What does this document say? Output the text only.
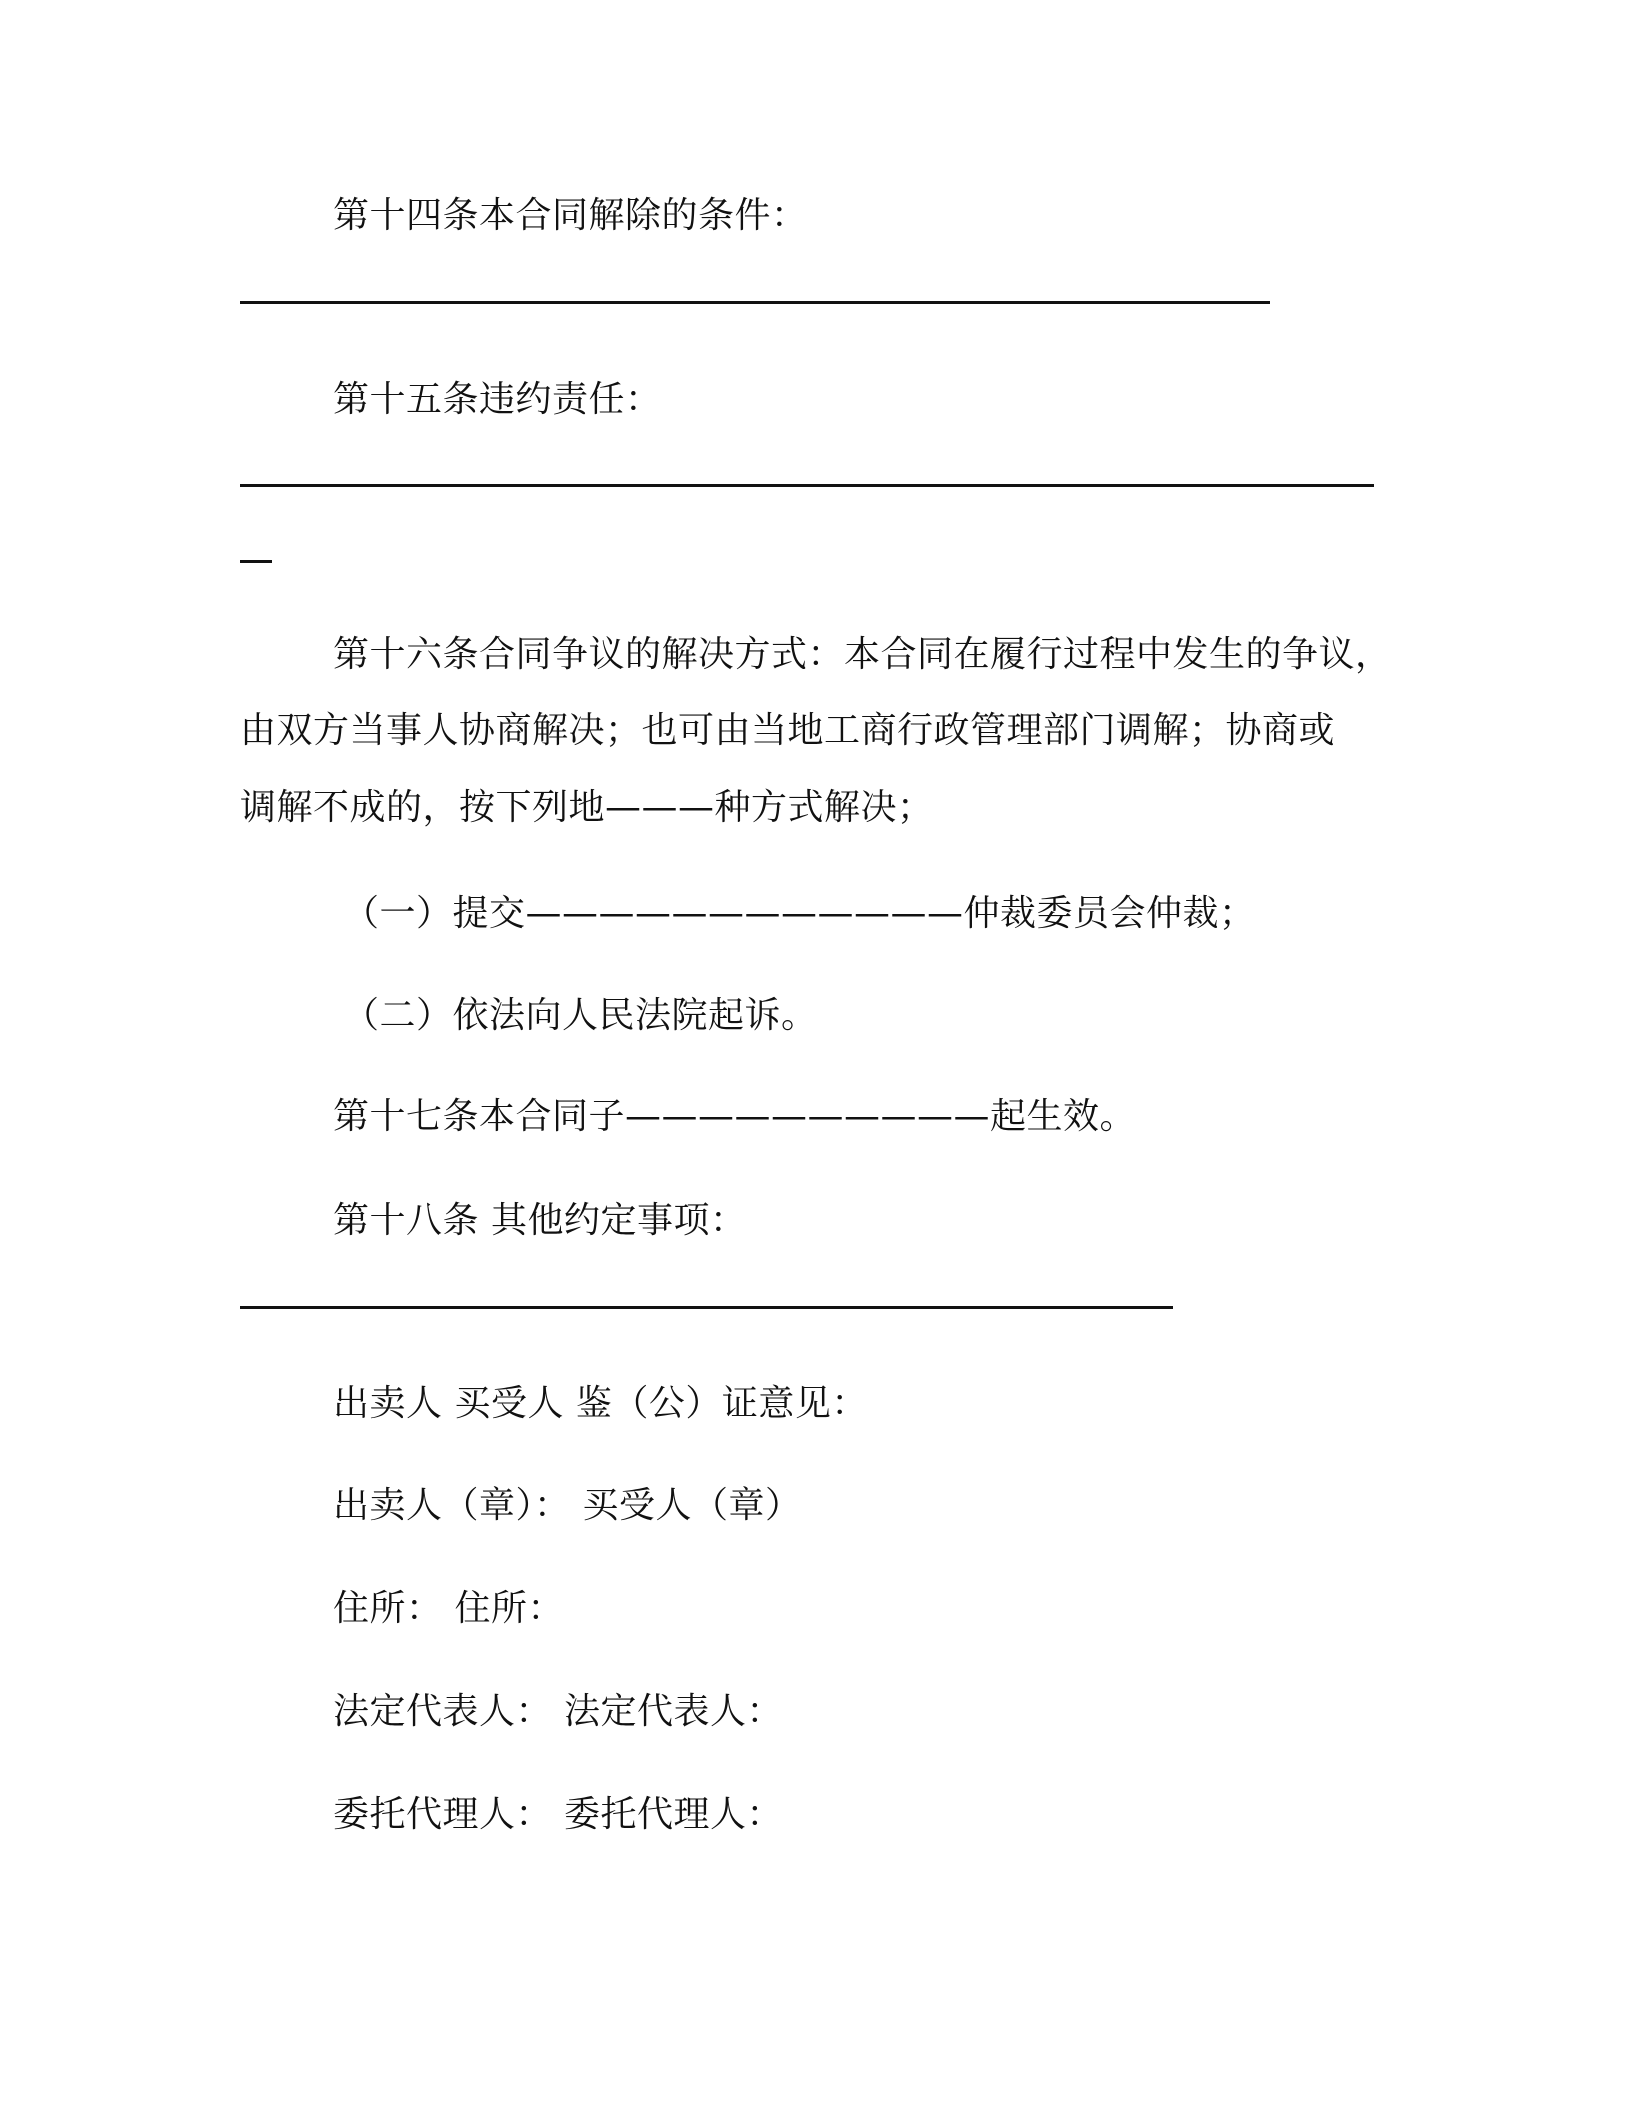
第十四条本合同解除的条件：
第十五条违约责任：
第十六条合同争议的解决方式：本合同在履行过程中发生的争议，
由双方当事人协商解决；也可由当地工商行政管理部门调解；协商或
调解不成的，按下列地———种方式解决；
（一）提交————————————仲裁委员会仲裁；
（二）依法向人民法院起诉。
第十七条本合同子——————————起生效。
第十八条 其他约定事项：
出卖人 买受人 鉴（公）证意见：
出卖人（章）： 买受人（章）
住所： 住所：
法定代表人： 法定代表人：
委托代理人： 委托代理人：
